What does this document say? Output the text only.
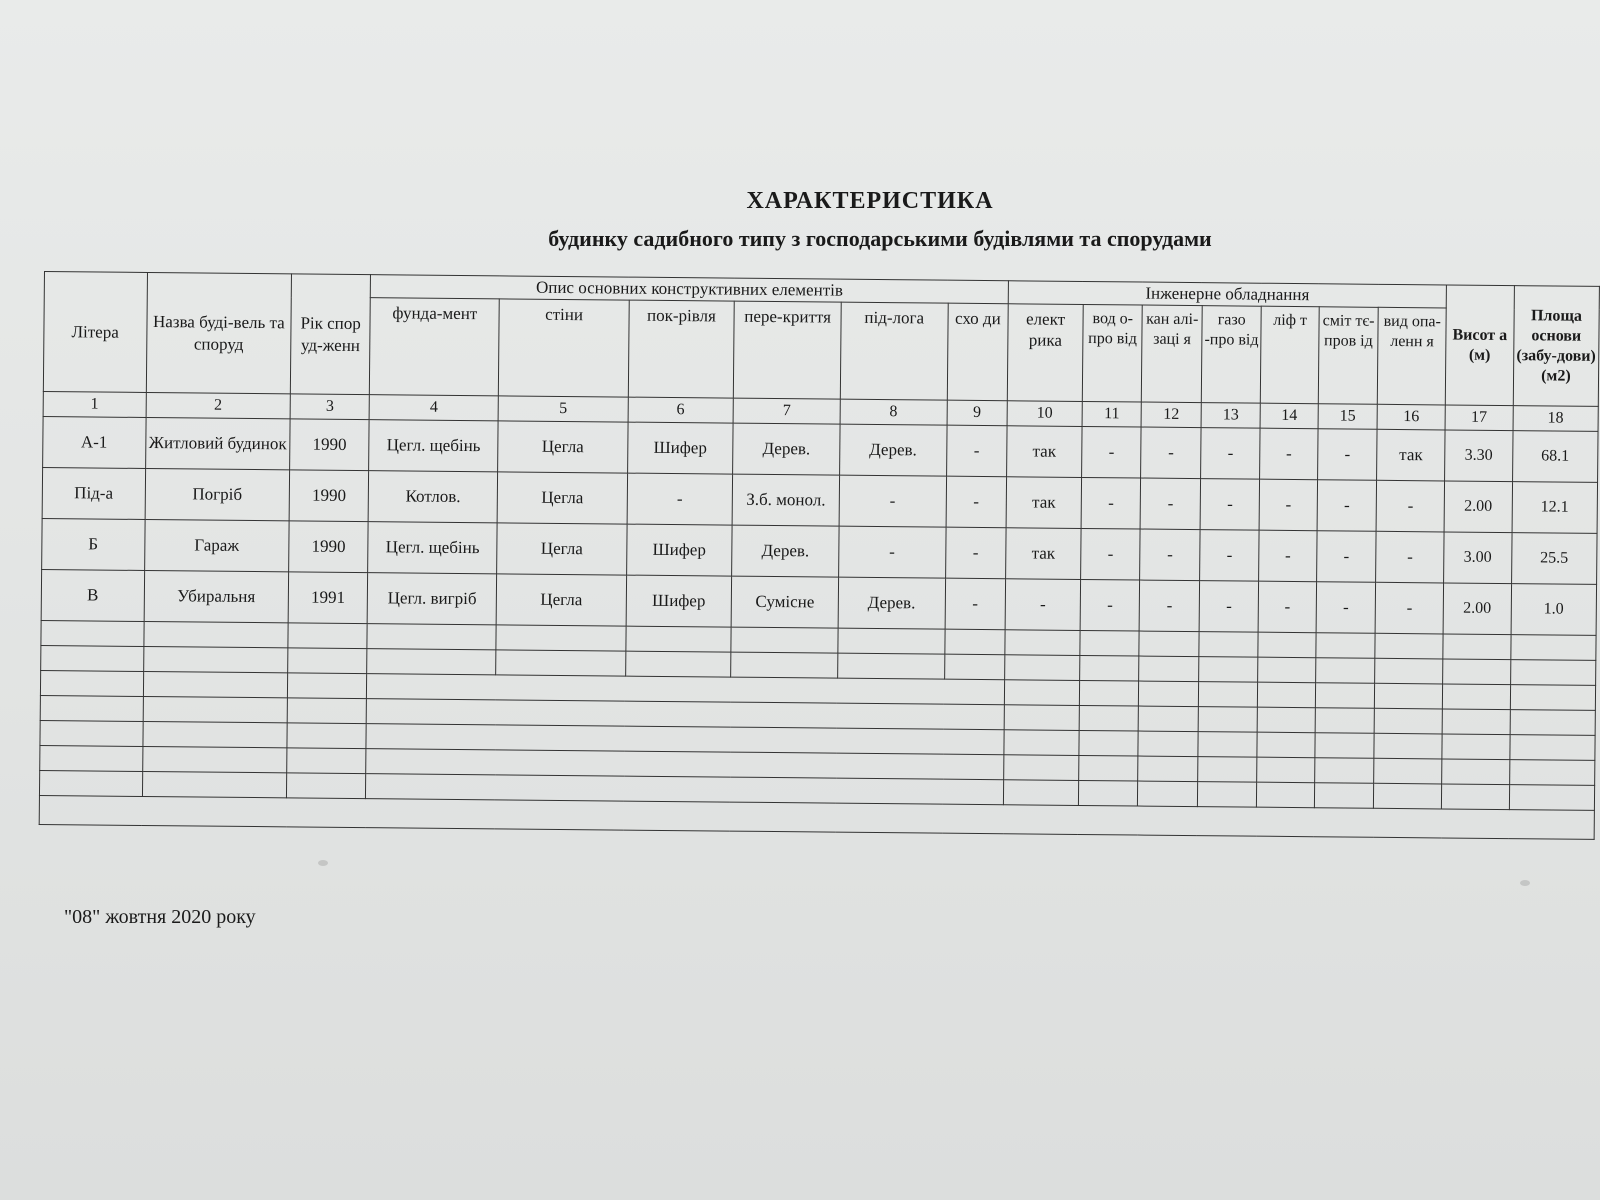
ХАРАКТЕРИСТИКА
будинку садибного типу з господарськими будівлями та спорудами
Літера	Назва буді-вель та споруд	Рік спор уд-женн	Опис основних конструктивних елементів						Інженерне обладнання							Висот а (м)	Площа основи (забу-дови) (м2)
			фунда-мент	стіни	пок-рівля	пере-криття	під-лога	схо ди	елект рика	вод о-про від	кан алі-заці я	газо -про від	ліф т	сміт тє-пров ід	вид опа-ленн я		
1	2	3	4	5	6	7	8	9	10	11	12	13	14	15	16	17	18
А-1	Житловий будинок	1990	Цегл. щебінь	Цегла	Шифер	Дерев.	Дерев.	-	так	-	-	-	-	-	так	3.30	68.1
Під-а	Погріб	1990	Котлов.	Цегла	-	З.б. монол.	-	-	так	-	-	-	-	-	-	2.00	12.1
Б	Гараж	1990	Цегл. щебінь	Цегла	Шифер	Дерев.	-	-	так	-	-	-	-	-	-	3.00	25.5
В	Убиральня	1991	Цегл. вигріб	Цегла	Шифер	Сумісне	Дерев.	-	-	-	-	-	-	-	-	2.00	1.0

"08" жовтня 2020 року
